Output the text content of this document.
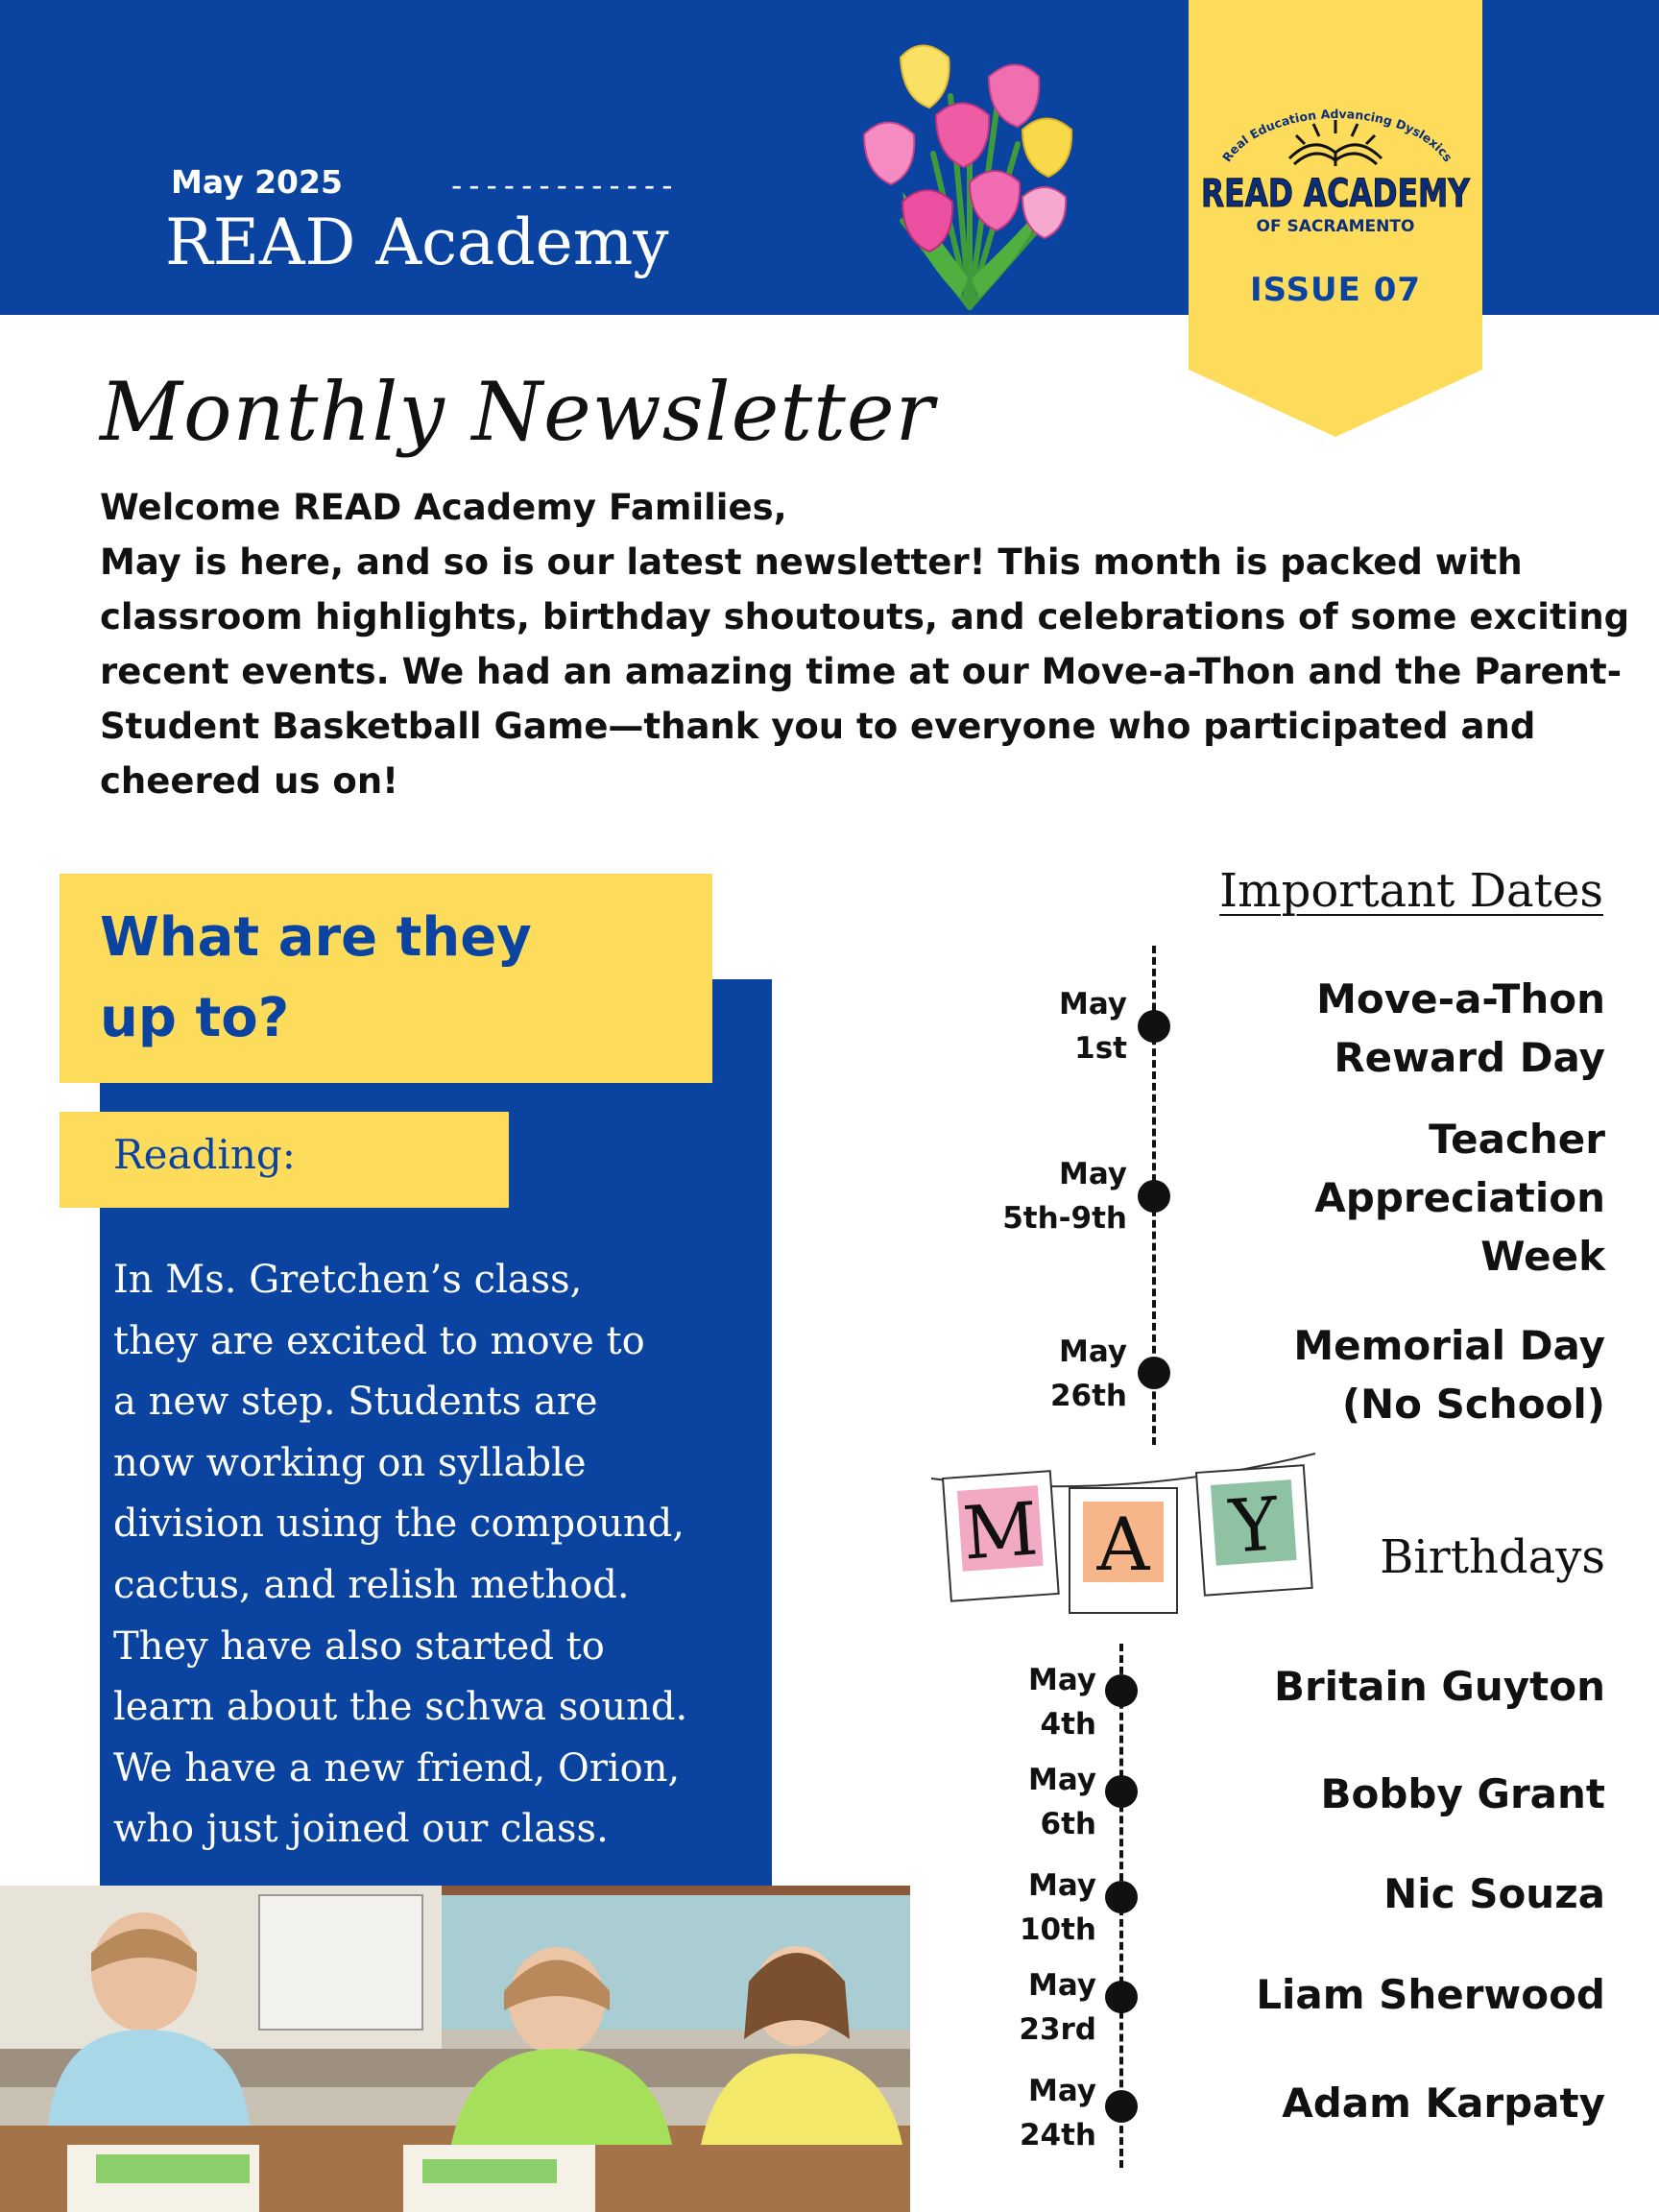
May 2025	-------------
READ Academy
Real Education Advancing Dyslexics
READ ACADEMY
OF SACRAMENTO
ISSUE 07
Monthly Newsletter

Welcome READ Academy Families,

May is here, and so is our latest newsletter! This month is packed with classroom highlights, birthday shoutouts, and celebrations of some exciting recent events. We had an amazing time at our Move-a-Thon and the Parent-Student Basketball Game—thank you to everyone who participated and cheered us on!

What are they
up to?
Reading:
In Ms. Gretchen’s class,
they are excited to move to
a new step. Students are
now working on syllable
division using the compound,
cactus, and relish method.
They have also started to
learn about the schwa sound.
We have a new friend, Orion,
who just joined our class.
Important Dates
May
1st
Move-a-Thon
Reward Day
May
5th-9th
Teacher
Appreciation
Week
May
26th
Memorial Day
(No School)
M A Y	Birthdays
May
4th
Britain Guyton
May
6th
Bobby Grant
May
10th
Nic Souza
May
23rd
Liam Sherwood
May
24th
Adam Karpaty
